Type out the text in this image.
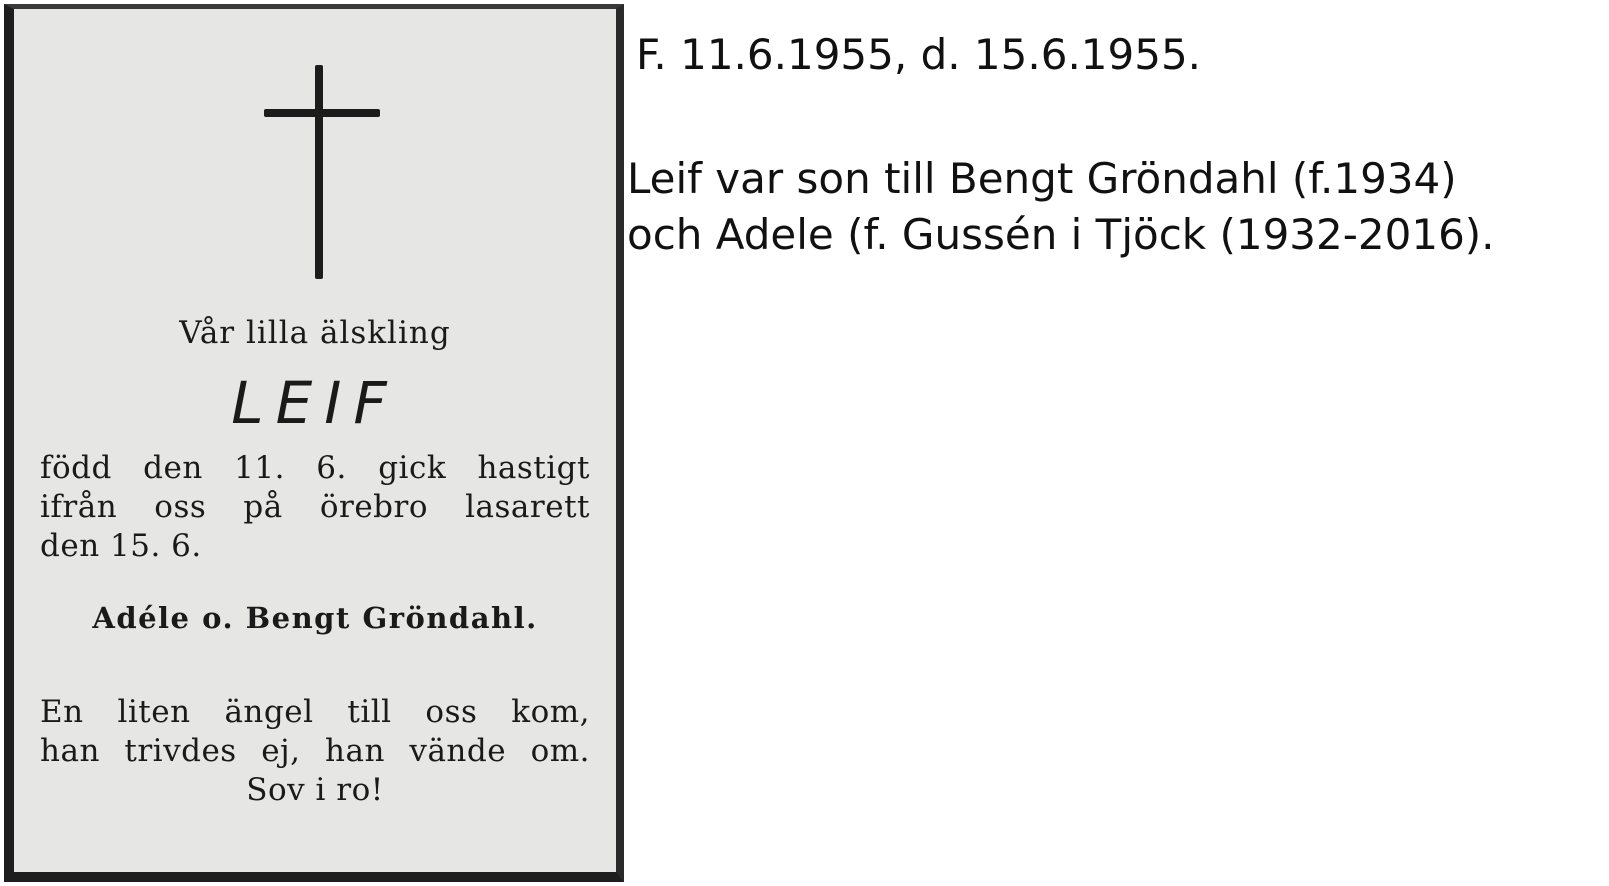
Vår lilla älskling
LEIF
född den 11. 6. gick hastigt
ifrån oss på örebro lasarett
den 15. 6.
Adéle o. Bengt Gröndahl.
En liten ängel till oss kom,
han trivdes ej, han vände om.
Sov i ro!
F. 11.6.1955, d. 15.6.1955.
Leif var son till Bengt Gröndahl (f.1934)
och Adele (f. Gussén i Tjöck (1932-2016).
